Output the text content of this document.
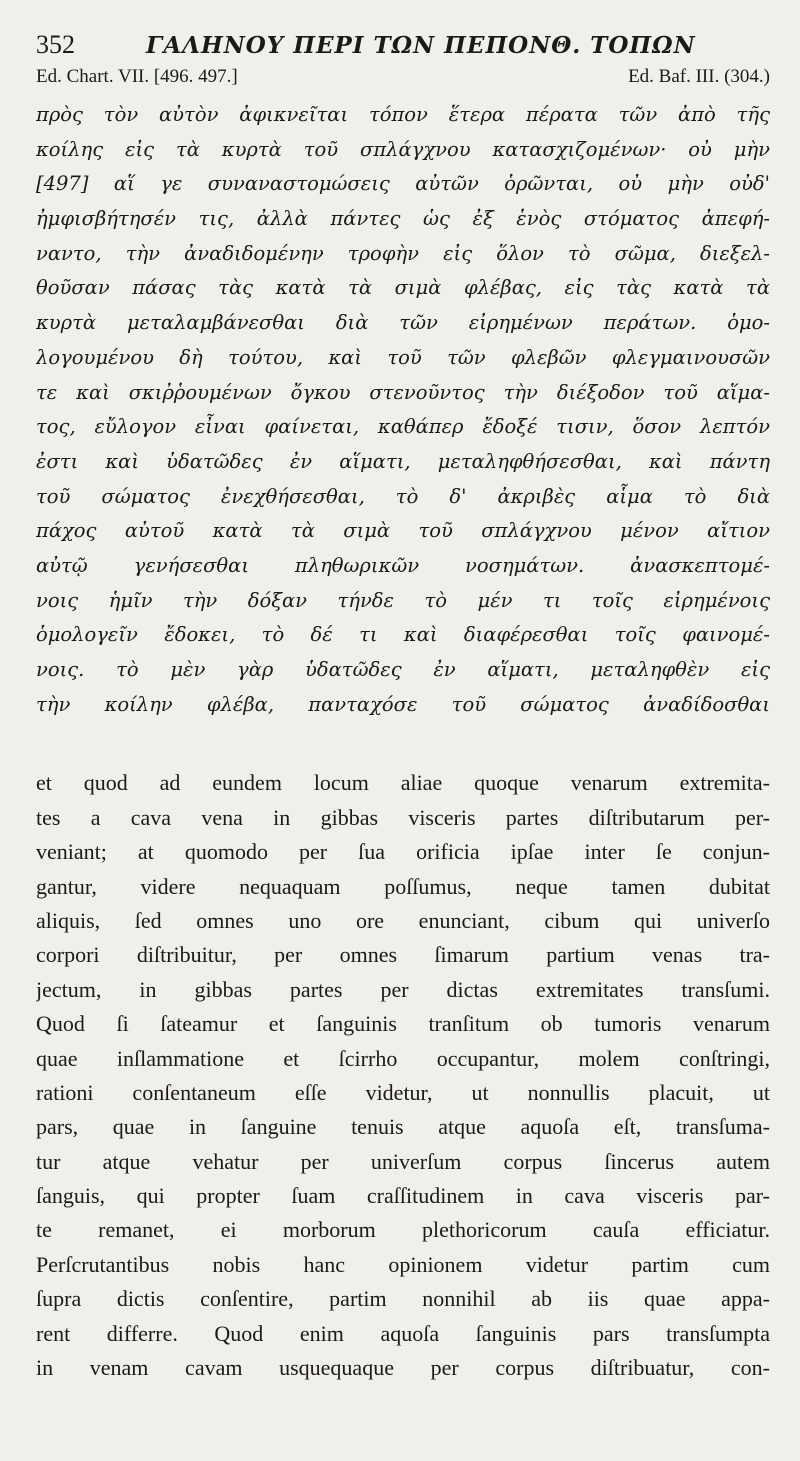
352	ΓΑΛΗΝΟΥ ΠΕΡΙ ΤΩΝ ΠΕΠΟΝΘ. ΤΟΠΩΝ
Ed. Chart. VII. [496. 497.]	Ed. Baf. III. (304.)
πρὸς τὸν αὐτὸν ἀφικνεῖται τόπον ἕτερα πέρατα τῶν ἀπὸ τῆς
κοίλης εἰς τὰ κυρτὰ τοῦ σπλάγχνου κατασχιζομένων· οὐ μὴν
[497] αἵ γε συναναστομώσεις αὐτῶν ὁρῶνται, οὐ μὴν οὐδ'
ἠμφισβήτησέν τις, ἀλλὰ πάντες ὡς ἐξ ἑνὸς στόματος ἀπεφή-
ναντο, τὴν ἀναδιδομένην τροφὴν εἰς ὅλον τὸ σῶμα, διεξελ-
θοῦσαν πάσας τὰς κατὰ τὰ σιμὰ φλέβας, εἰς τὰς κατὰ τὰ
κυρτὰ μεταλαμβάνεσθαι διὰ τῶν εἰρημένων περάτων. ὁμο-
λογουμένου δὴ τούτου, καὶ τοῦ τῶν φλεβῶν φλεγμαινουσῶν
τε καὶ σκιῤῥουμένων ὄγκου στενοῦντος τὴν διέξοδον τοῦ αἵμα-
τος, εὔλογον εἶναι φαίνεται, καθάπερ ἔδοξέ τισιν, ὅσον λεπτόν
ἐστι καὶ ὑδατῶδες ἐν αἵματι, μεταληφθήσεσθαι, καὶ πάντη
τοῦ σώματος ἐνεχθήσεσθαι, τὸ δ' ἀκριβὲς αἷμα τὸ διὰ
πάχος αὐτοῦ κατὰ τὰ σιμὰ τοῦ σπλάγχνου μένον αἴτιον
αὐτῷ γενήσεσθαι πληθωρικῶν νοσημάτων. ἀνασκεπτομέ-
νοις ἡμῖν τὴν δόξαν τήνδε τὸ μέν τι τοῖς εἰρημένοις
ὁμολογεῖν ἔδοκει, τὸ δέ τι καὶ διαφέρεσθαι τοῖς φαινομέ-
νοις. τὸ μὲν γὰρ ὑδατῶδες ἐν αἵματι, μεταληφθὲν εἰς
τὴν κοίλην φλέβα, πανταχόσε τοῦ σώματος ἀναδίδοσθαι
et quod ad eundem locum aliae quoque venarum extremita-
tes a cava vena in gibbas visceris partes diſtributarum per-
veniant; at quomodo per ſua orificia ipſae inter ſe conjun-
gantur, videre nequaquam poſſumus, neque tamen dubitat
aliquis, ſed omnes uno ore enunciant, cibum qui univerſo
corpori diſtribuitur, per omnes ſimarum partium venas tra-
jectum, in gibbas partes per dictas extremitates transſumi.
Quod ſi ſateamur et ſanguinis tranſitum ob tumoris venarum
quae inſlammatione et ſcirrho occupantur, molem conſtringi,
rationi conſentaneum eſſe videtur, ut nonnullis placuit, ut
pars, quae in ſanguine tenuis atque aquoſa eſt, transſuma-
tur atque vehatur per univerſum corpus ſincerus autem
ſanguis, qui propter ſuam craſſitudinem in cava visceris par-
te remanet, ei morborum plethoricorum cauſa efficiatur.
Perſcrutantibus nobis hanc opinionem videtur partim cum
ſupra dictis conſentire, partim nonnihil ab iis quae appa-
rent differre. Quod enim aquoſa ſanguinis pars transſumpta
in venam cavam usquequaque per corpus diſtribuatur, con-
